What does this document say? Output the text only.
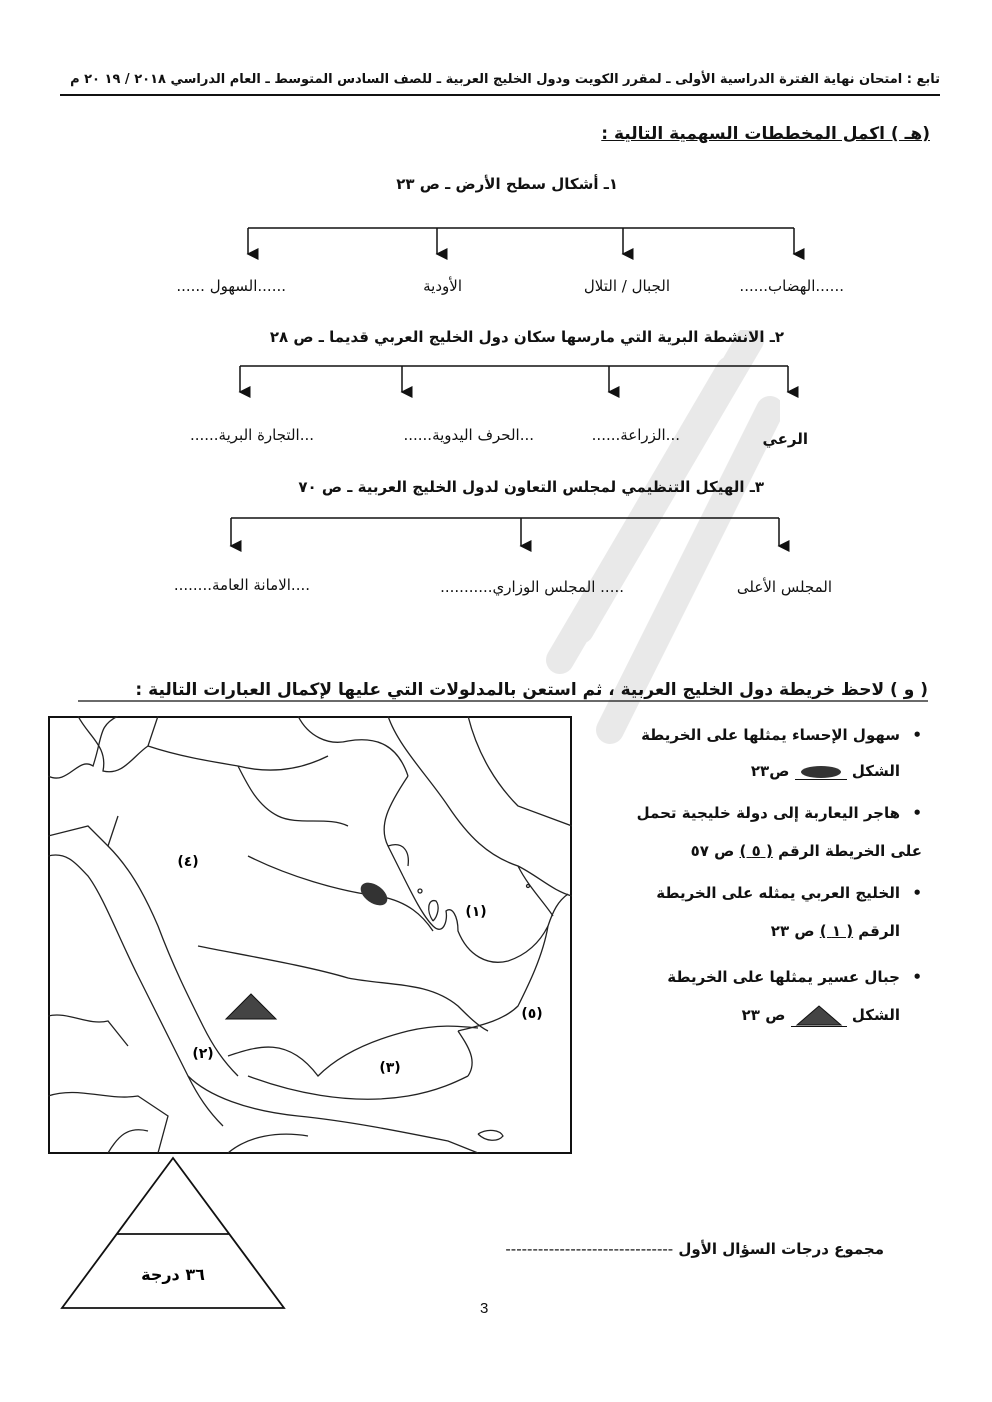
تابع : امتحان نهاية الفترة الدراسية الأولى ـ لمقرر الكويت ودول الخليج العربية ـ للصف السادس المتوسط ـ العام الدراسي ٢٠١٨ / ١٩ ٢٠ م
(هـ ) اكمل المخططات السهمية التالية :
١ـ أشكال سطح الأرض ـ ص ٢٣
......الهضاب......
الجبال / التلال
الأودية
......السهول ......
٢ـ الانشطة البرية التي مارسها سكان دول الخليج العربي قديما ـ ص ٢٨
الرعي
...الزراعة......
...الحرف اليدوية......
...التجارة البرية......
٣ـ الهيكل التنظيمي لمجلس التعاون لدول الخليج العربية ـ ص ٧٠
المجلس الأعلى
..... المجلس الوزاري...........
....الامانة العامة........
( و ) لاحظ خريطة دول الخليج العربية ، ثم استعن بالمدلولات التي عليها لإكمال العبارات التالية :
(٤)
(١)
(٥)
(٢)
(٣)
•
سهول الإحساء يمثلها على الخريطة
الشكل
ص٢٣
•
هاجر اليعاربة إلى دولة خليجية تحمل
على الخريطة الرقم ( ٥ ) ص ٥٧
•
الخليج العربي يمثله على الخريطة
الرقم ( ١ ) ص ٢٣
•
جبال عسير يمثلها على الخريطة
الشكل
ص ٢٣
٣٦ درجة
مجموع درجات السؤال الأول -------------------------------
3
